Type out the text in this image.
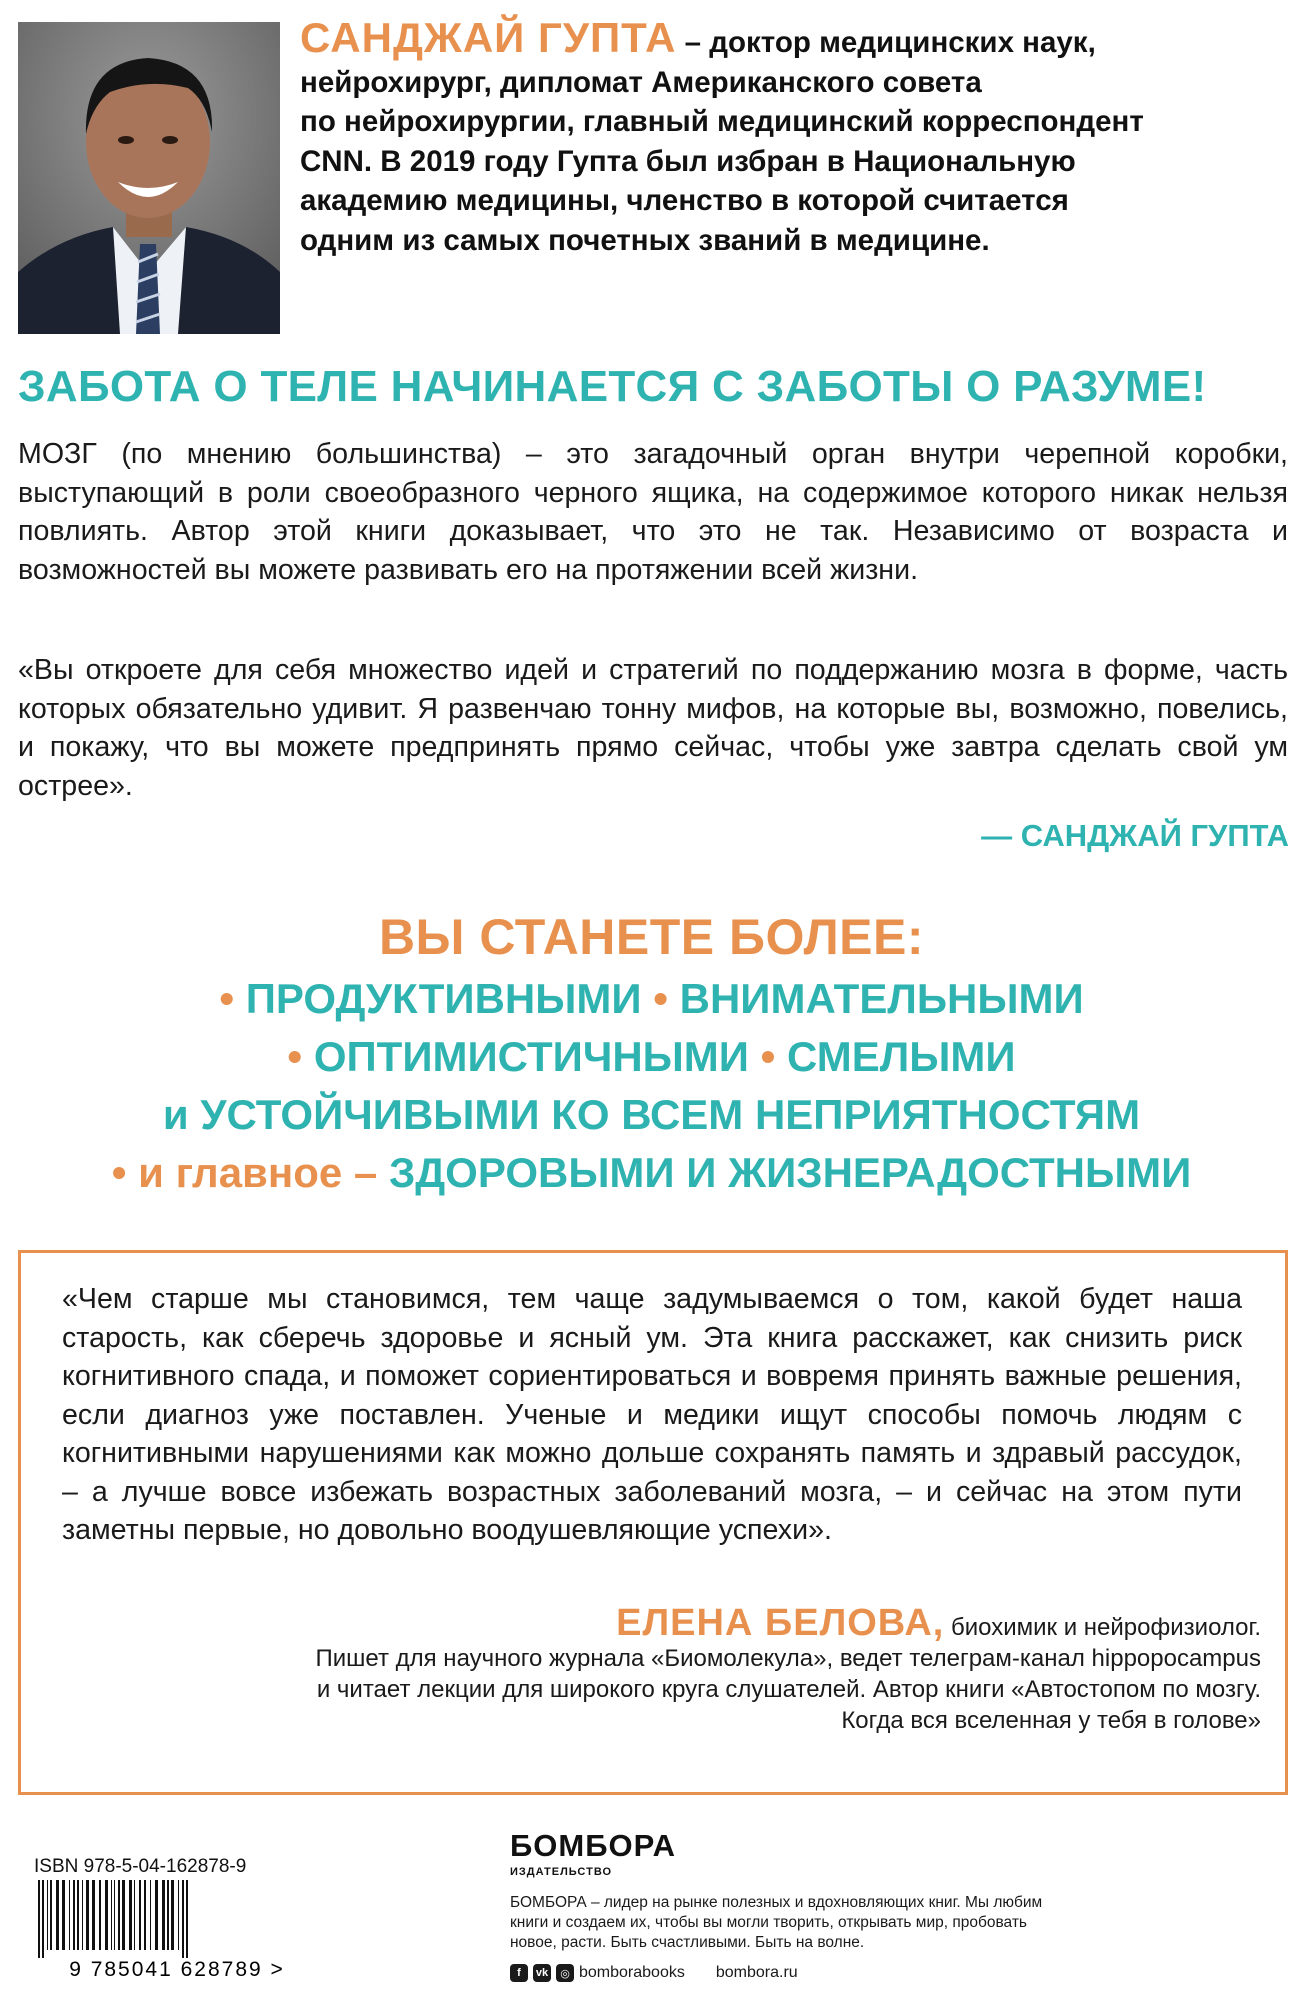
САНДЖАЙ ГУПТА – доктор медицинских наук,
нейрохирург, дипломат Американского совета
по нейрохирургии, главный медицинский корреспондент
CNN. В 2019 году Гупта был избран в Национальную
академию медицины, членство в которой считается
одним из самых почетных званий в медицине.
ЗАБОТА О ТЕЛЕ НАЧИНАЕТСЯ С ЗАБОТЫ О РАЗУМЕ!
МОЗГ (по мнению большинства) – это загадочный орган внутри черепной коробки, выступающий в роли своеобразного черного ящика, на содержимое которого никак нельзя повлиять. Автор этой книги доказывает, что это не так. Независимо от возраста и возможностей вы можете развивать его на протяжении всей жизни.
«Вы откроете для себя множество идей и стратегий по поддержанию мозга в форме, часть которых обязательно удивит. Я развенчаю тонну мифов, на которые вы, возможно, повелись, и покажу, что вы можете предпринять прямо сейчас, чтобы уже завтра сделать свой ум острее».
— САНДЖАЙ ГУПТА
ВЫ СТАНЕТЕ БОЛЕЕ:
• ПРОДУКТИВНЫМИ • ВНИМАТЕЛЬНЫМИ
• ОПТИМИСТИЧНЫМИ • СМЕЛЫМИ
и УСТОЙЧИВЫМИ КО ВСЕМ НЕПРИЯТНОСТЯМ
• и главное – ЗДОРОВЫМИ И ЖИЗНЕРАДОСТНЫМИ
«Чем старше мы становимся, тем чаще задумываемся о том, какой будет наша старость, как сберечь здоровье и ясный ум. Эта книга расскажет, как снизить риск когнитивного спада, и поможет сориентироваться и вовремя принять важные решения, если диагноз уже поставлен. Ученые и медики ищут способы помочь людям с когнитивными нарушениями как можно дольше сохранять память и здравый рассудок, – а лучше вовсе избежать возрастных заболеваний мозга, – и сейчас на этом пути заметны первые, но довольно воодушевляющие успехи».
ЕЛЕНА БЕЛОВА, биохимик и нейрофизиолог.
Пишет для научного журнала «Биомолекула», ведет телеграм-канал hippopocampus
и читает лекции для широкого круга слушателей. Автор книги «Автостопом по мозгу.
Когда вся вселенная у тебя в голове»
ISBN 978-5-04-162878-9
9 785041 628789 >
БОМБОРА
ИЗДАТЕЛЬСТВО
БОМБОРА – лидер на рынке полезных и вдохновляющих книг. Мы любим книги и создаем их, чтобы вы могли творить, открывать мир, пробовать новое, расти. Быть счастливыми. Быть на волне.
f	vk	◎ bomborabooks bombora.ru
